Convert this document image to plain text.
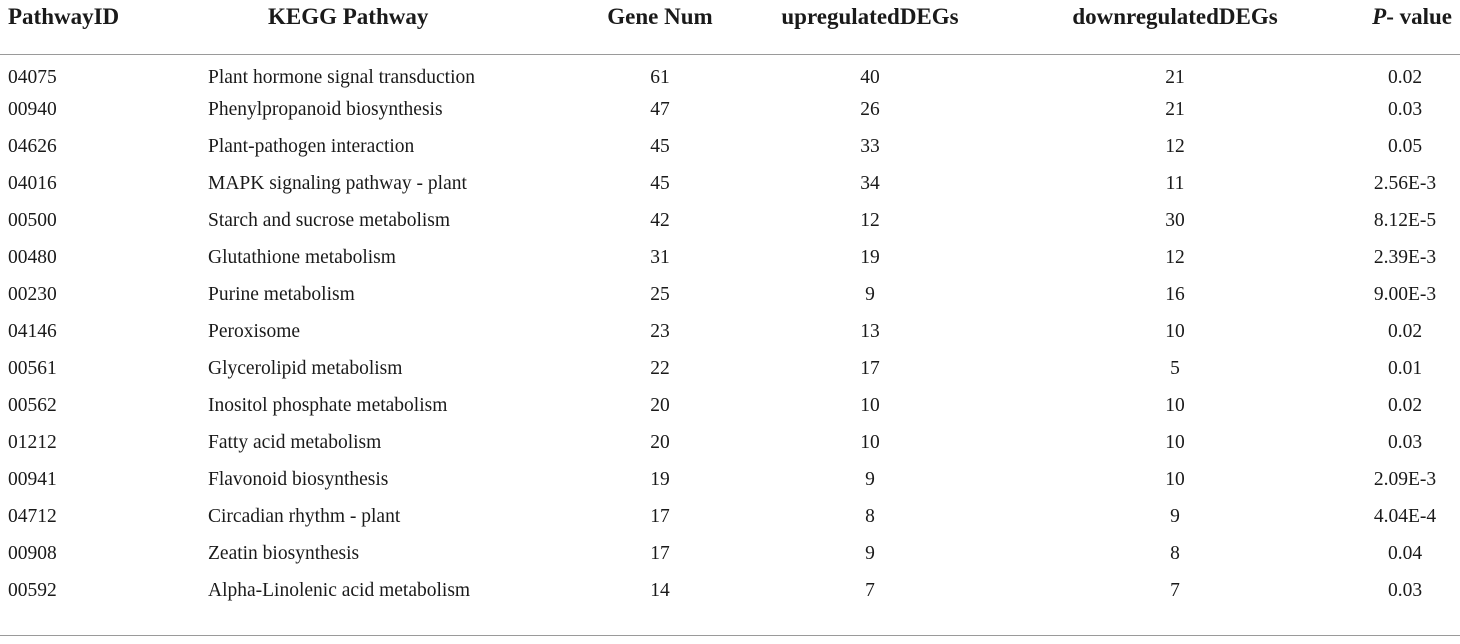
PathwayID	KEGG Pathway	Gene Num	upregulatedDEGs	downregulatedDEGs	P- value
04075	Plant hormone signal transduction	61	40	21	0.02
00940	Phenylpropanoid biosynthesis	47	26	21	0.03
04626	Plant-pathogen interaction	45	33	12	0.05
04016	MAPK signaling pathway - plant	45	34	11	2.56E-3
00500	Starch and sucrose metabolism	42	12	30	8.12E-5
00480	Glutathione metabolism	31	19	12	2.39E-3
00230	Purine metabolism	25	9	16	9.00E-3
04146	Peroxisome	23	13	10	0.02
00561	Glycerolipid metabolism	22	17	5	0.01
00562	Inositol phosphate metabolism	20	10	10	0.02
01212	Fatty acid metabolism	20	10	10	0.03
00941	Flavonoid biosynthesis	19	9	10	2.09E-3
04712	Circadian rhythm - plant	17	8	9	4.04E-4
00908	Zeatin biosynthesis	17	9	8	0.04
00592	Alpha-Linolenic acid metabolism	14	7	7	0.03
